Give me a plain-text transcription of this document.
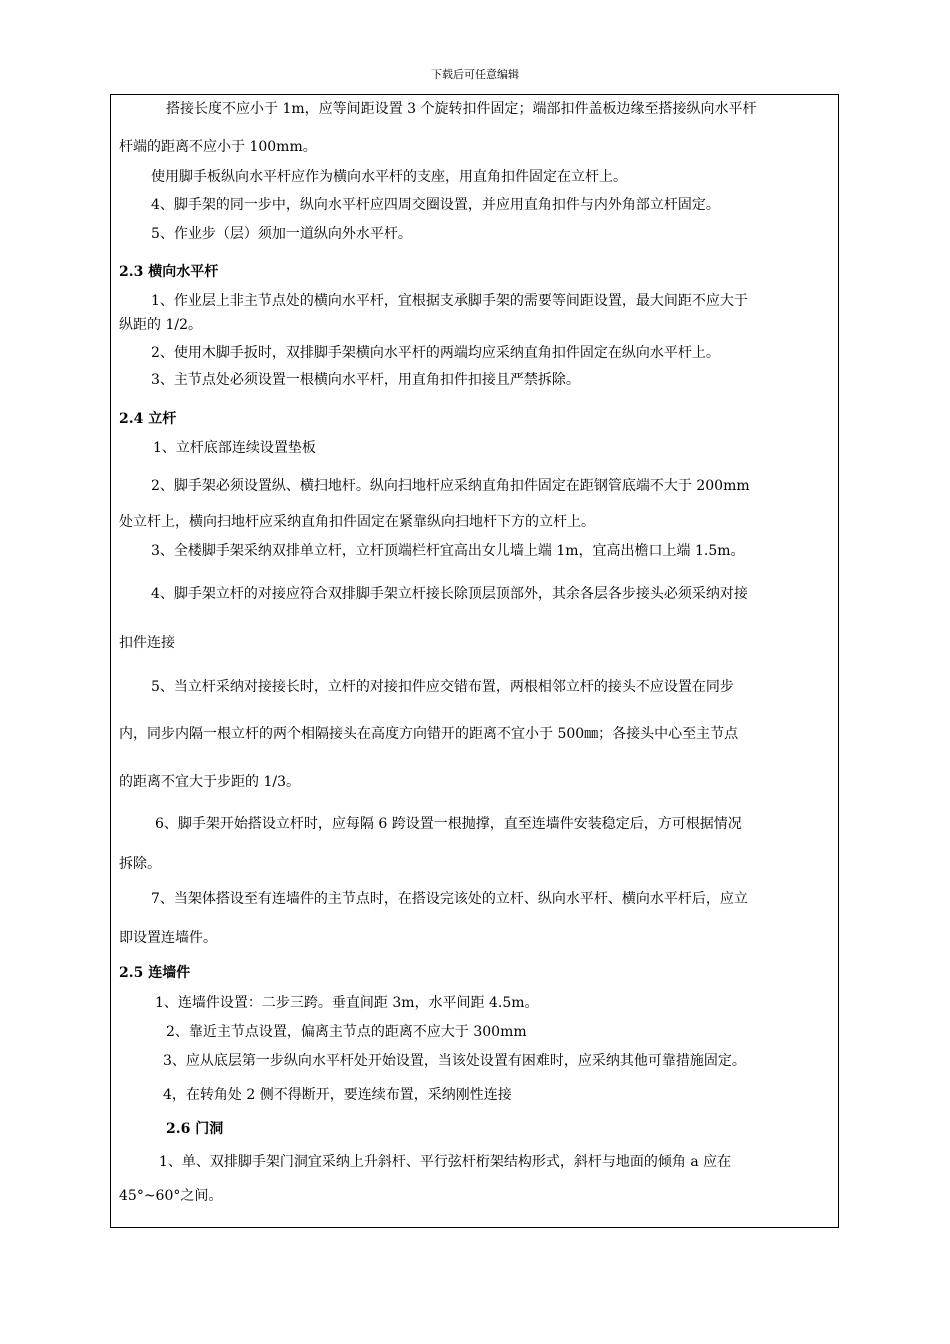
下载后可任意编辑
搭接长度不应小于 1m，应等间距设置 3 个旋转扣件固定；端部扣件盖板边缘至搭接纵向水平杆
杆端的距离不应小于 100mm。
使用脚手板纵向水平杆应作为横向水平杆的支座，用直角扣件固定在立杆上。
4、脚手架的同一步中，纵向水平杆应四周交圈设置，并应用直角扣件与内外角部立杆固定。
5、作业步（层）须加一道纵向外水平杆。
2.3 横向水平杆
1、作业层上非主节点处的横向水平杆，宜根据支承脚手架的需要等间距设置，最大间距不应大于
纵距的 1/2。
2、使用木脚手扳时，双排脚手架横向水平杆的两端均应采纳直角扣件固定在纵向水平杆上。
3、主节点处必须设置一根横向水平杆，用直角扣件扣接且严禁拆除。
2.4 立杆
1、立杆底部连续设置垫板
2、脚手架必须设置纵、横扫地杆。纵向扫地杆应采纳直角扣件固定在距钢管底端不大于 200mm
处立杆上，横向扫地杆应采纳直角扣件固定在紧靠纵向扫地杆下方的立杆上。
3、全楼脚手架采纳双排单立杆，立杆顶端栏杆宜高出女儿墙上端 1m，宜高出檐口上端 1.5m。
4、脚手架立杆的对接应符合双排脚手架立杆接长除顶层顶部外，其余各层各步接头必须采纳对接
扣件连接
5、当立杆采纳对接接长时，立杆的对接扣件应交错布置，两根相邻立杆的接头不应设置在同步
内，同步内隔一根立杆的两个相隔接头在高度方向错开的距离不宜小于 500㎜；各接头中心至主节点
的距离不宜大于步距的 1/3。
6、脚手架开始搭设立杆时，应每隔 6 跨设置一根抛撑，直至连墙件安装稳定后，方可根据情况
拆除。
7、当架体搭设至有连墙件的主节点时，在搭设完该处的立杆、纵向水平杆、横向水平杆后，应立
即设置连墙件。
2.5 连墙件
1、连墙件设置：二步三跨。垂直间距 3m，水平间距 4.5m。
2、靠近主节点设置，偏离主节点的距离不应大于 300mm
3、应从底层第一步纵向水平杆处开始设置，当该处设置有困难时，应采纳其他可靠措施固定。
4，在转角处 2 侧不得断开，要连续布置，采纳刚性连接
2.6 门洞
1、单、双排脚手架门洞宜采纳上升斜杆、平行弦杆桁架结构形式，斜杆与地面的倾角 a 应在
45°~60°之间。
